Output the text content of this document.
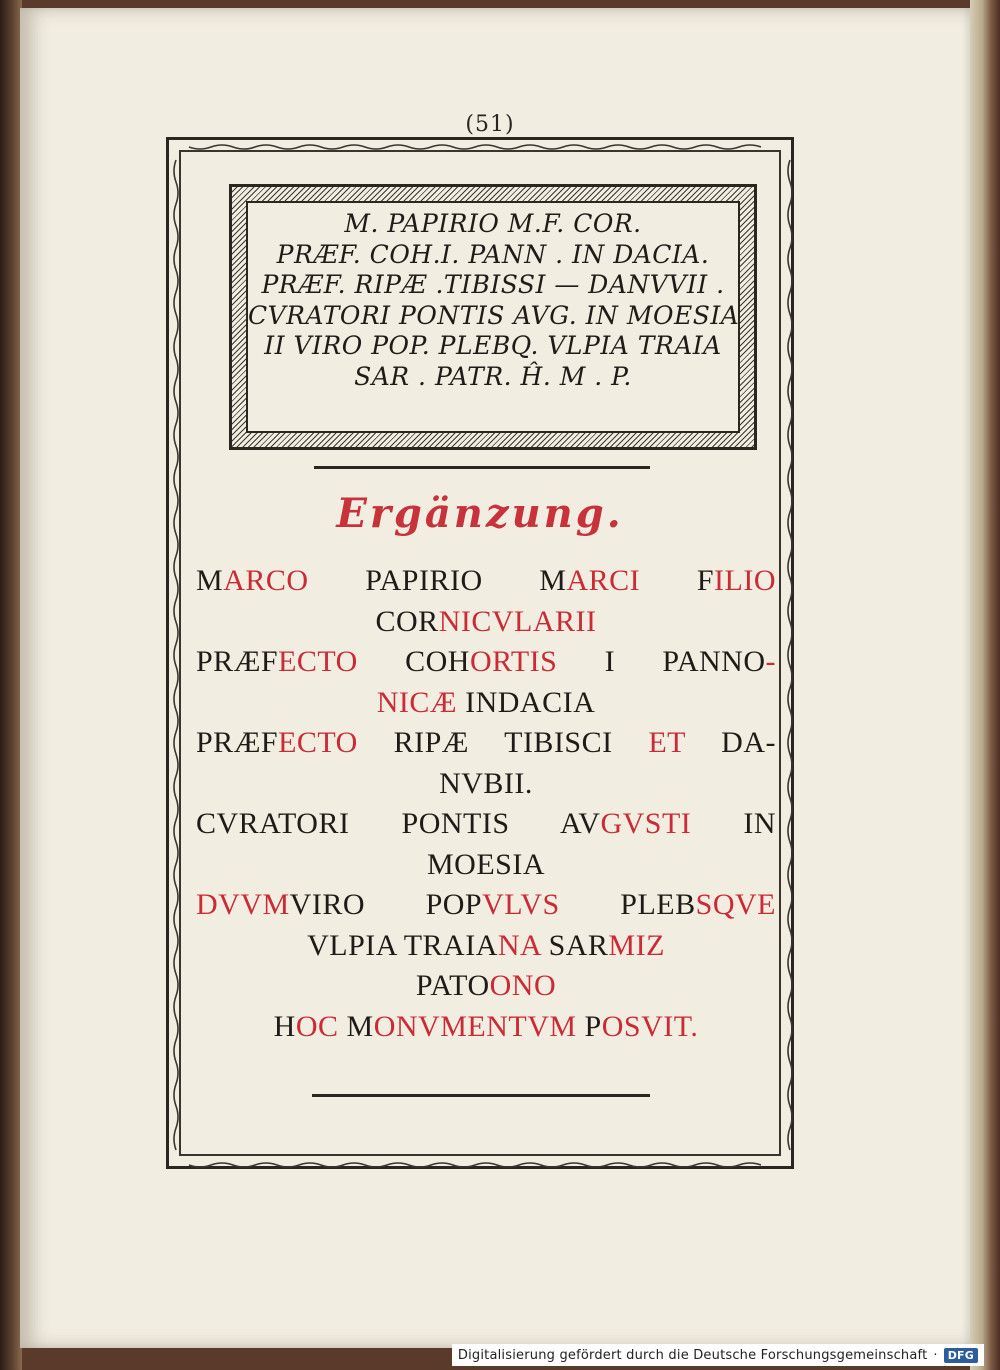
(51)
M. PAPIRIO M.F. COR.
PRÆF. COH.I. PANN . IN DACIA.
PRÆF. RIPÆ .TIBISSI — DANVVII .
CVRATORI PONTIS AVG. IN MOESIA
II VIRO POP. PLEBQ. VLPIA TRAIA
SAR . PATR. Ĥ. M . P.
Ergänzung.
MARCO PAPIRIO MARCI FILIO
CORNICVLARII
PRÆFECTO COHORTIS I PANNO-
NICÆ INDACIA
PRÆFECTO RIPÆ TIBISCI ET DA-
NVBII.
CVRATORI PONTIS AVGVSTI IN
MOESIA
DVVMVIRO POPVLVS PLEBSQVE
VLPIA TRAIANA SARMIZ
PATOONO
HOC MONVMENTVM POSVIT.
Digitalisierung gefördert durch die Deutsche Forschungsgemeinschaft · DFG
